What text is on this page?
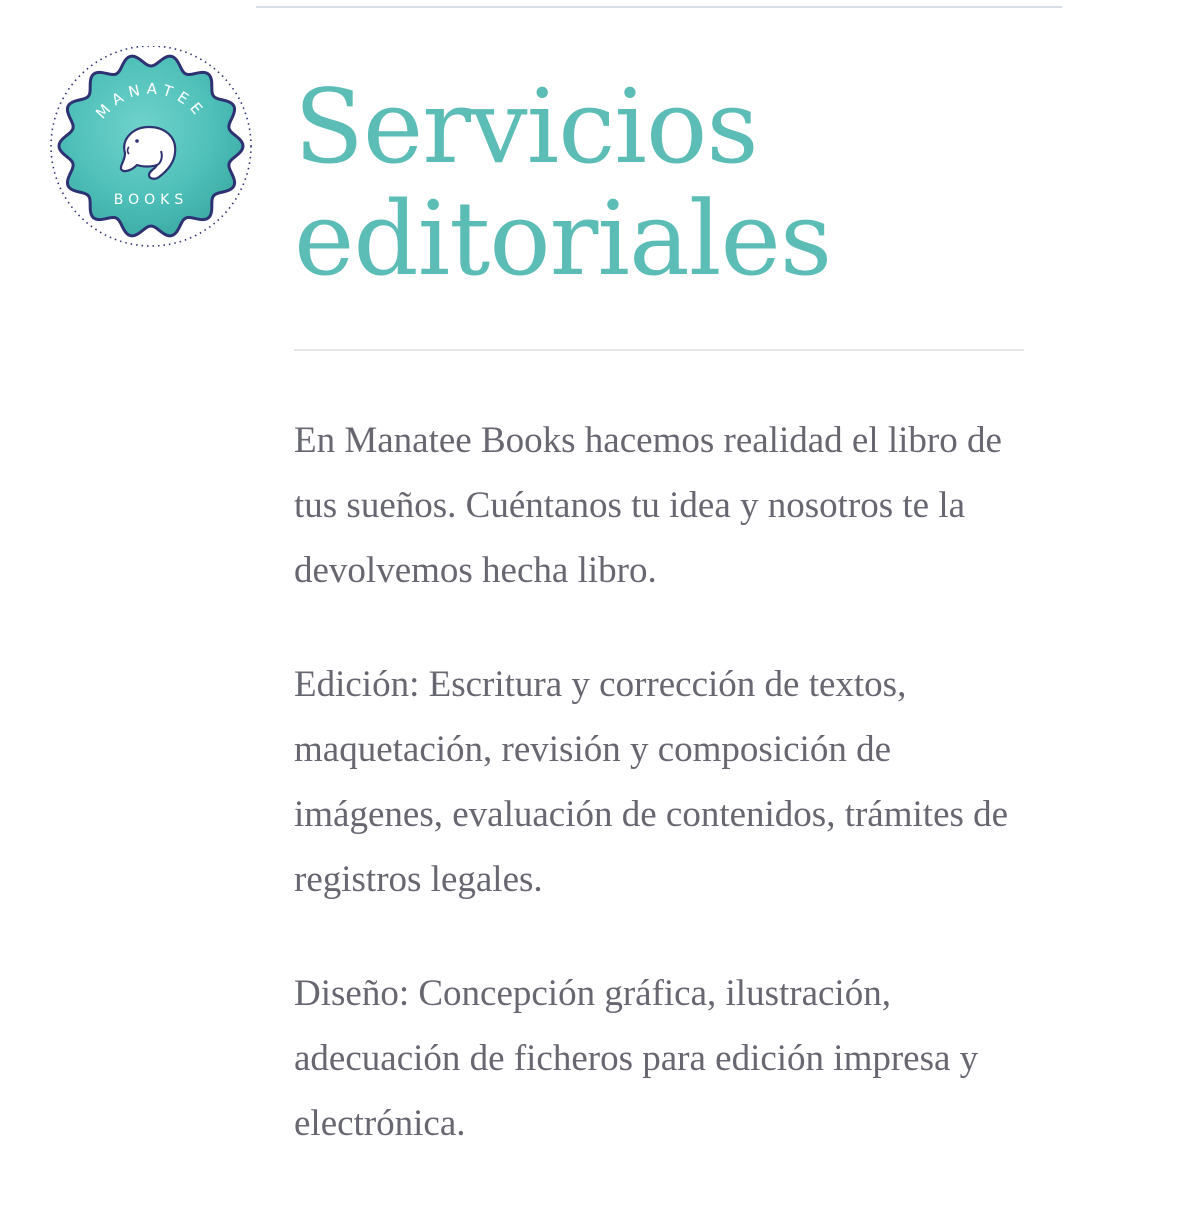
MANATEE
BOOKS
Servicios editoriales

En Manatee Books hacemos realidad el libro de tus sueños. Cuéntanos tu idea y nosotros te la devolvemos hecha libro.

Edición: Escritura y corrección de textos, maquetación, revisión y composición de imágenes, evaluación de contenidos, trámites de registros legales.

Diseño: Concepción gráfica, ilustración, adecuación de ficheros para edición impresa y electrónica.
